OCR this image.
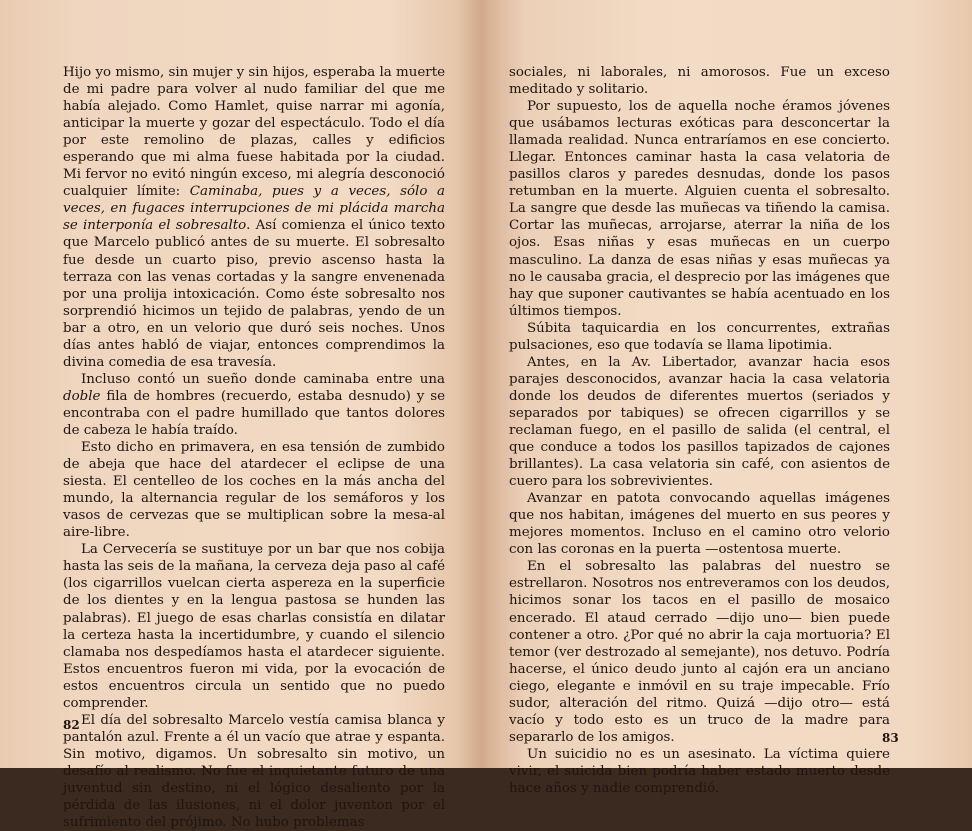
Hijo yo mismo, sin mujer y sin hijos, esperaba la muerte de mi padre para volver al nudo familiar del que me había alejado. Como Hamlet, quise narrar mi agonía, anticipar la muerte y gozar del espectáculo. Todo el día por este remolino de plazas, calles y edificios esperando que mi alma fuese habitada por la ciudad. Mi fervor no evitó ningún exceso, mi alegría desconoció cualquier límite: Caminaba, pues y a veces, sólo a veces, en fugaces interrupciones de mi plácida marcha se interponía el sobresalto. Así comienza el único texto que Marcelo publicó antes de su muerte. El sobresalto fue desde un cuarto piso, previo ascenso hasta la terraza con las venas cortadas y la sangre envenenada por una prolija intoxicación. Como éste sobresalto nos sorprendió hicimos un tejido de palabras, yendo de un bar a otro, en un velorio que duró seis noches. Unos días antes habló de viajar, entonces comprendimos la divina comedia de esa travesía.

Incluso contó un sueño donde caminaba entre una doble fila de hombres (recuerdo, estaba desnudo) y se encontraba con el padre humillado que tantos dolores de cabeza le había traído.

Esto dicho en primavera, en esa tensión de zumbido de abeja que hace del atardecer el eclipse de una siesta. El centelleo de los coches en la más ancha del mundo, la alternancia regular de los semáforos y los vasos de cervezas que se multiplican sobre la mesa-al aire-libre.

La Cervecería se sustituye por un bar que nos cobija hasta las seis de la mañana, la cerveza deja paso al café (los cigarrillos vuelcan cierta aspereza en la superficie de los dientes y en la lengua pastosa se hunden las palabras). El juego de esas charlas consistía en dilatar la certeza hasta la incertidumbre, y cuando el silencio clamaba nos despedíamos hasta el atardecer siguiente. Estos encuentros fueron mi vida, por la evocación de estos encuentros circula un sentido que no puedo comprender.

El día del sobresalto Marcelo vestía camisa blanca y pantalón azul. Frente a él un vacío que atrae y espanta. Sin motivo, digamos. Un sobresalto sin motivo, un desafío al realismo. No fue el inquietante futuro de una juventud sin destino, ni el lógico desaliento por la pérdida de las ilusiones, ni el dolor juventon por el sufrimiento del prójimo. No hubo problemas

82

sociales, ni laborales, ni amorosos. Fue un exceso meditado y solitario.

Por supuesto, los de aquella noche éramos jóvenes que usábamos lecturas exóticas para desconcertar la llamada realidad. Nunca entraríamos en ese concierto. Llegar. Entonces caminar hasta la casa velatoria de pasillos claros y paredes desnudas, donde los pasos retumban en la muerte. Alguien cuenta el sobresalto. La sangre que desde las muñecas va tiñendo la camisa. Cortar las muñecas, arrojarse, aterrar la niña de los ojos. Esas niñas y esas muñecas en un cuerpo masculino. La danza de esas niñas y esas muñecas ya no le causaba gracia, el desprecio por las imágenes que hay que suponer cautivantes se había acentuado en los últimos tiempos.

Súbita taquicardia en los concurrentes, extrañas pulsaciones, eso que todavía se llama lipotimia.

Antes, en la Av. Libertador, avanzar hacia esos parajes desconocidos, avanzar hacia la casa velatoria donde los deudos de diferentes muertos (seriados y separados por tabiques) se ofrecen cigarrillos y se reclaman fuego, en el pasillo de salida (el central, el que conduce a todos los pasillos tapizados de cajones brillantes). La casa velatoria sin café, con asientos de cuero para los sobrevivientes.

Avanzar en patota convocando aquellas imágenes que nos habitan, imágenes del muerto en sus peores y mejores momentos. Incluso en el camino otro velorio con las coronas en la puerta —ostentosa muerte.

En el sobresalto las palabras del nuestro se estrellaron. Nosotros nos entreveramos con los deudos, hicimos sonar los tacos en el pasillo de mosaico encerado. El ataud cerrado —dijo uno— bien puede contener a otro. ¿Por qué no abrir la caja mortuoria? El temor (ver destrozado al semejante), nos detuvo. Podría hacerse, el único deudo junto al cajón era un anciano ciego, elegante e inmóvil en su traje impecable. Frío sudor, alteración del ritmo. Quizá —dijo otro— está vacío y todo esto es un truco de la madre para separarlo de los amigos.

Un suicidio no es un asesinato. La víctima quiere vivir, el suicida bien podría haber estado muerto desde hace años y nadie comprendió.

83
